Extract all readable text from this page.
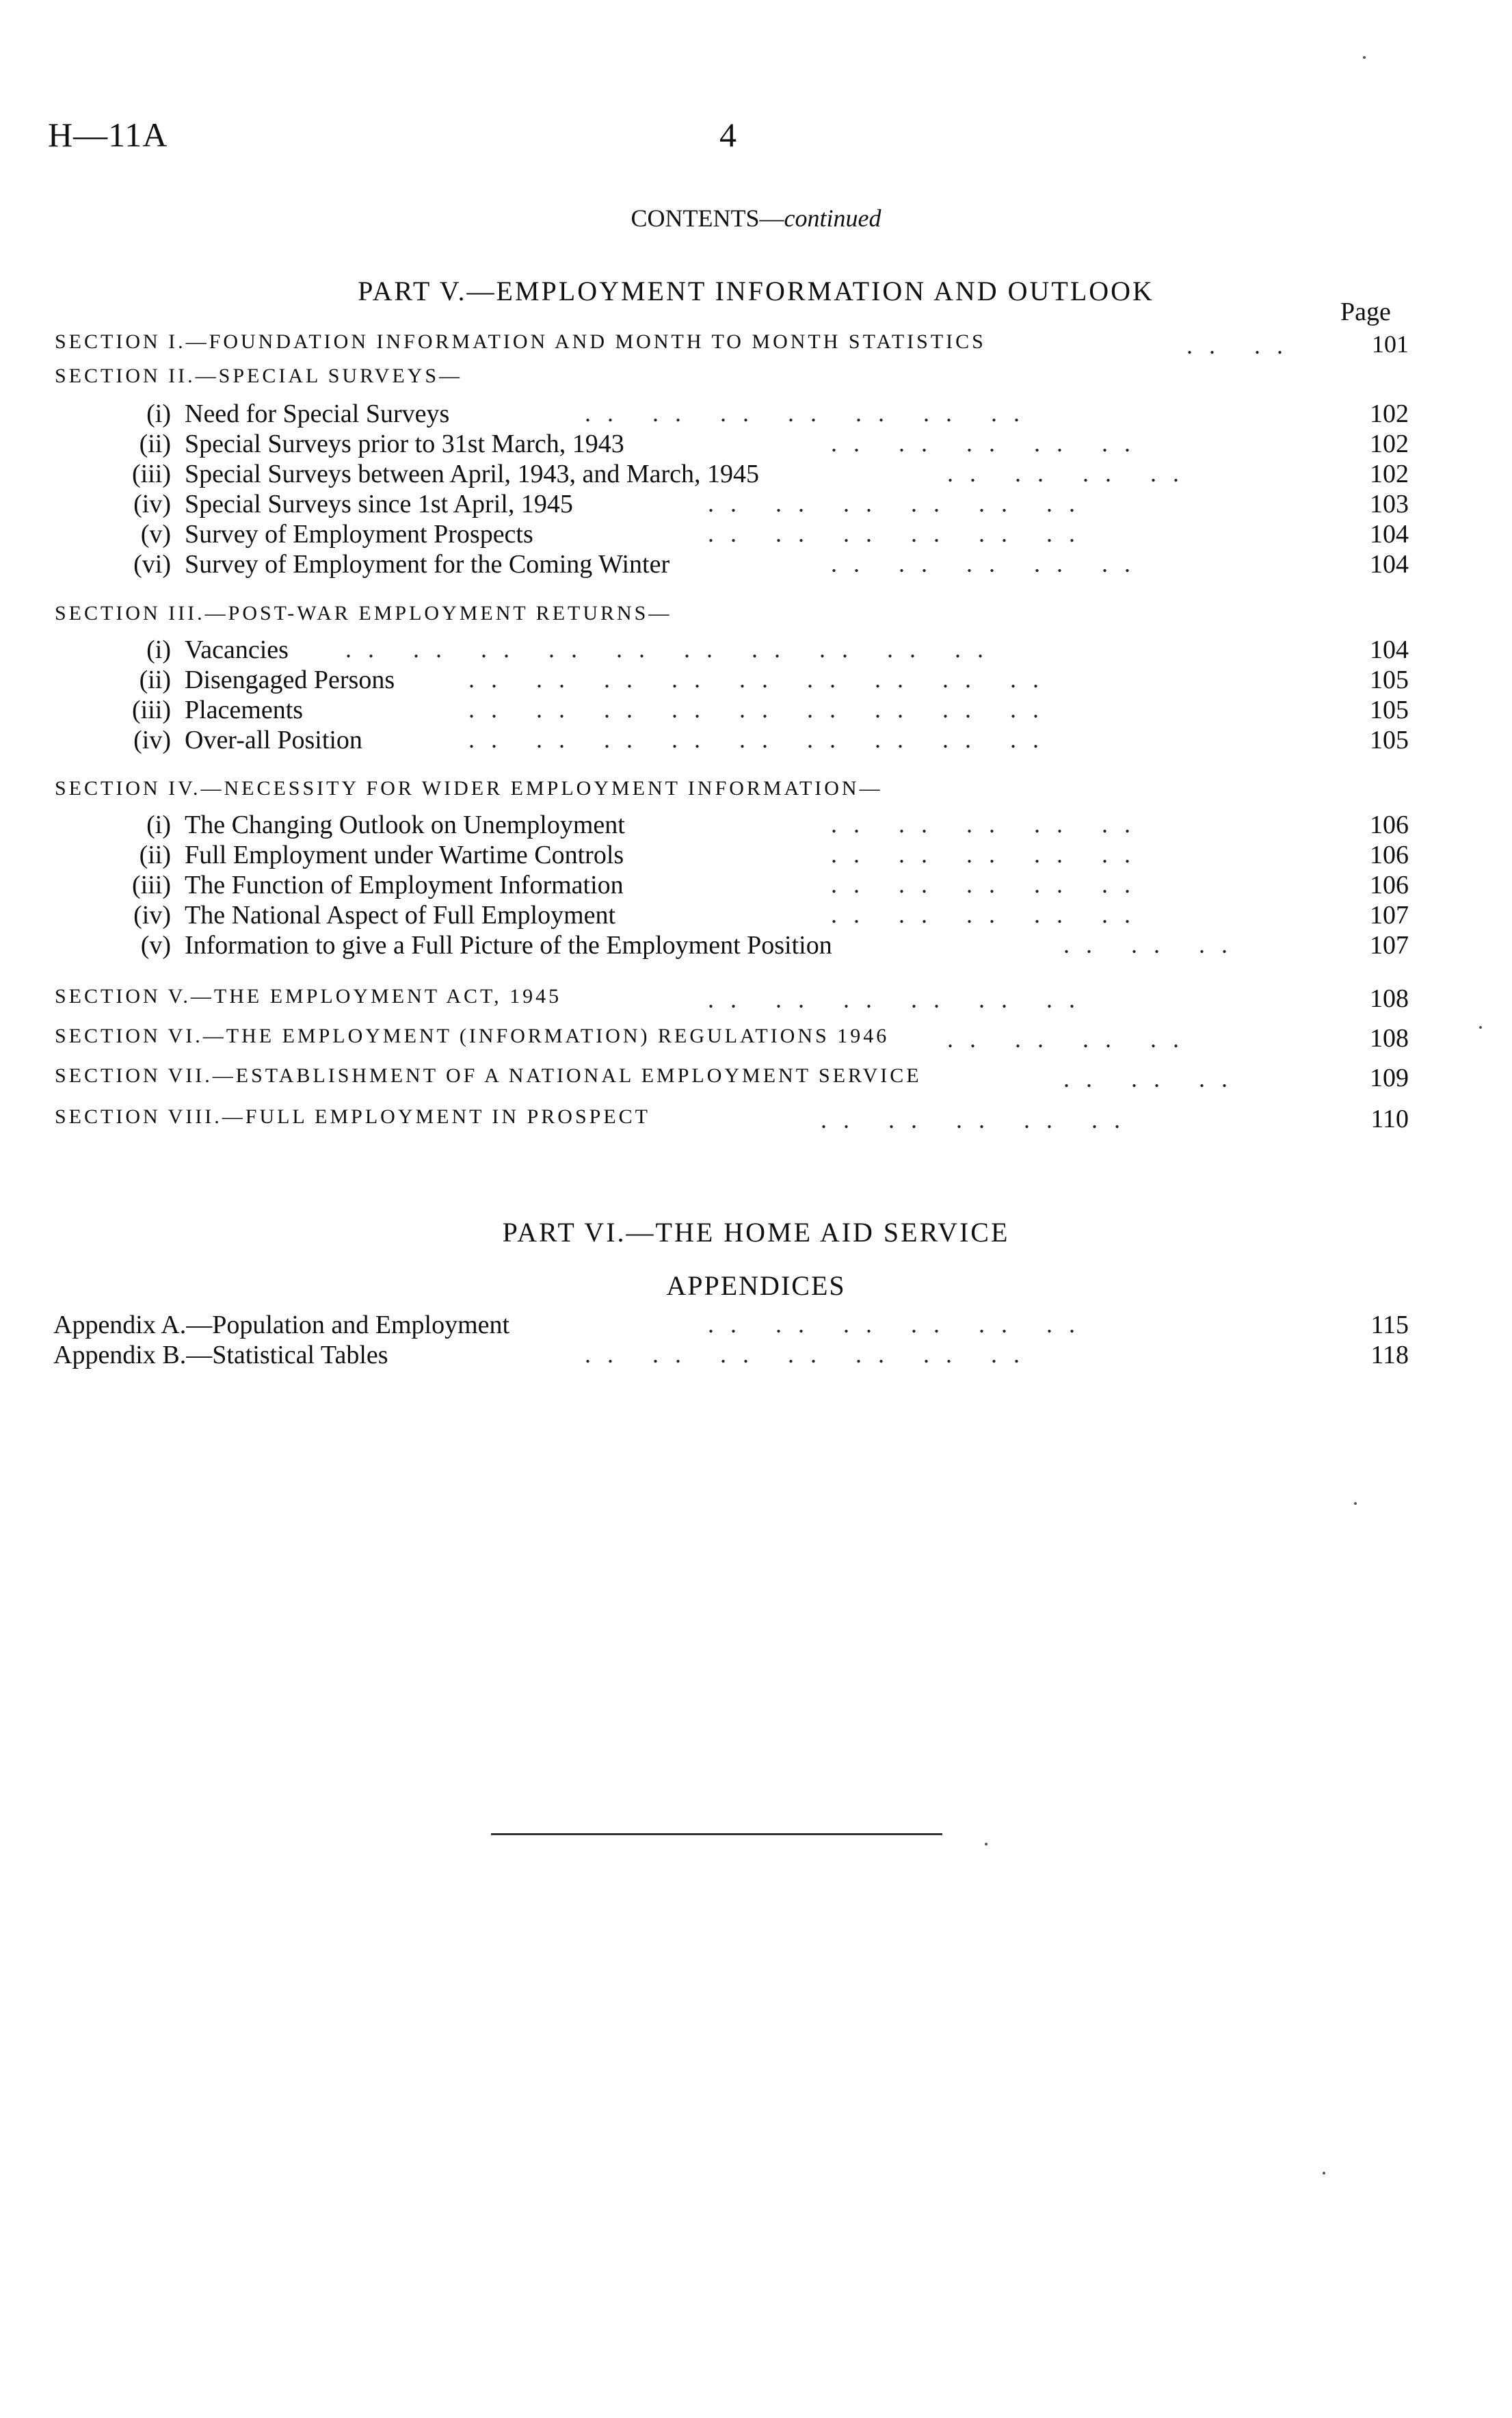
H—11A	4
CONTENTS—continued
PART V.—EMPLOYMENT INFORMATION AND OUTLOOK
Page
SECTION I.—FOUNDATION INFORMATION AND MONTH TO MONTH STATISTICS	.. ..	101
SECTION II.—SPECIAL SURVEYS—
(i) Need for Special Surveys	.. .. .. .. .. .. ..	102
(ii) Special Surveys prior to 31st March, 1943	.. .. .. .. ..	102
(iii) Special Surveys between April, 1943, and March, 1945	.. .. .. ..	102
(iv) Special Surveys since 1st April, 1945	.. .. .. .. .. ..	103
(v) Survey of Employment Prospects	.. .. .. .. .. ..	104
(vi) Survey of Employment for the Coming Winter	.. .. .. .. ..	104
SECTION III.—POST-WAR EMPLOYMENT RETURNS—
(i) Vacancies .. .. .. .. .. .. .. .. .. ..	104
(ii) Disengaged Persons	.. .. .. .. .. .. .. .. ..	105
(iii) Placements	.. .. .. .. .. .. .. .. ..	105
(iv) Over-all Position	.. .. .. .. .. .. .. .. ..	105
SECTION IV.—NECESSITY FOR WIDER EMPLOYMENT INFORMATION—
(i) The Changing Outlook on Unemployment	.. .. .. .. ..	106
(ii) Full Employment under Wartime Controls	.. .. .. .. ..	106
(iii) The Function of Employment Information	.. .. .. .. ..	106
(iv) The National Aspect of Full Employment	.. .. .. .. ..	107
(v) Information to give a Full Picture of the Employment Position	.. .. ..	107
SECTION V.—THE EMPLOYMENT ACT, 1945	.. .. .. .. .. ..	108
SECTION VI.—THE EMPLOYMENT (INFORMATION) REGULATIONS 1946 .. .. .. ..	108
SECTION VII.—ESTABLISHMENT OF A NATIONAL EMPLOYMENT SERVICE	.. .. ..	109
SECTION VIII.—FULL EMPLOYMENT IN PROSPECT	.. .. .. .. ..	110
PART VI.—THE HOME AID SERVICE
APPENDICES
Appendix A.—Population and Employment	.. .. .. .. .. ..	115
Appendix B.—Statistical Tables	.. .. .. .. .. .. ..	118
